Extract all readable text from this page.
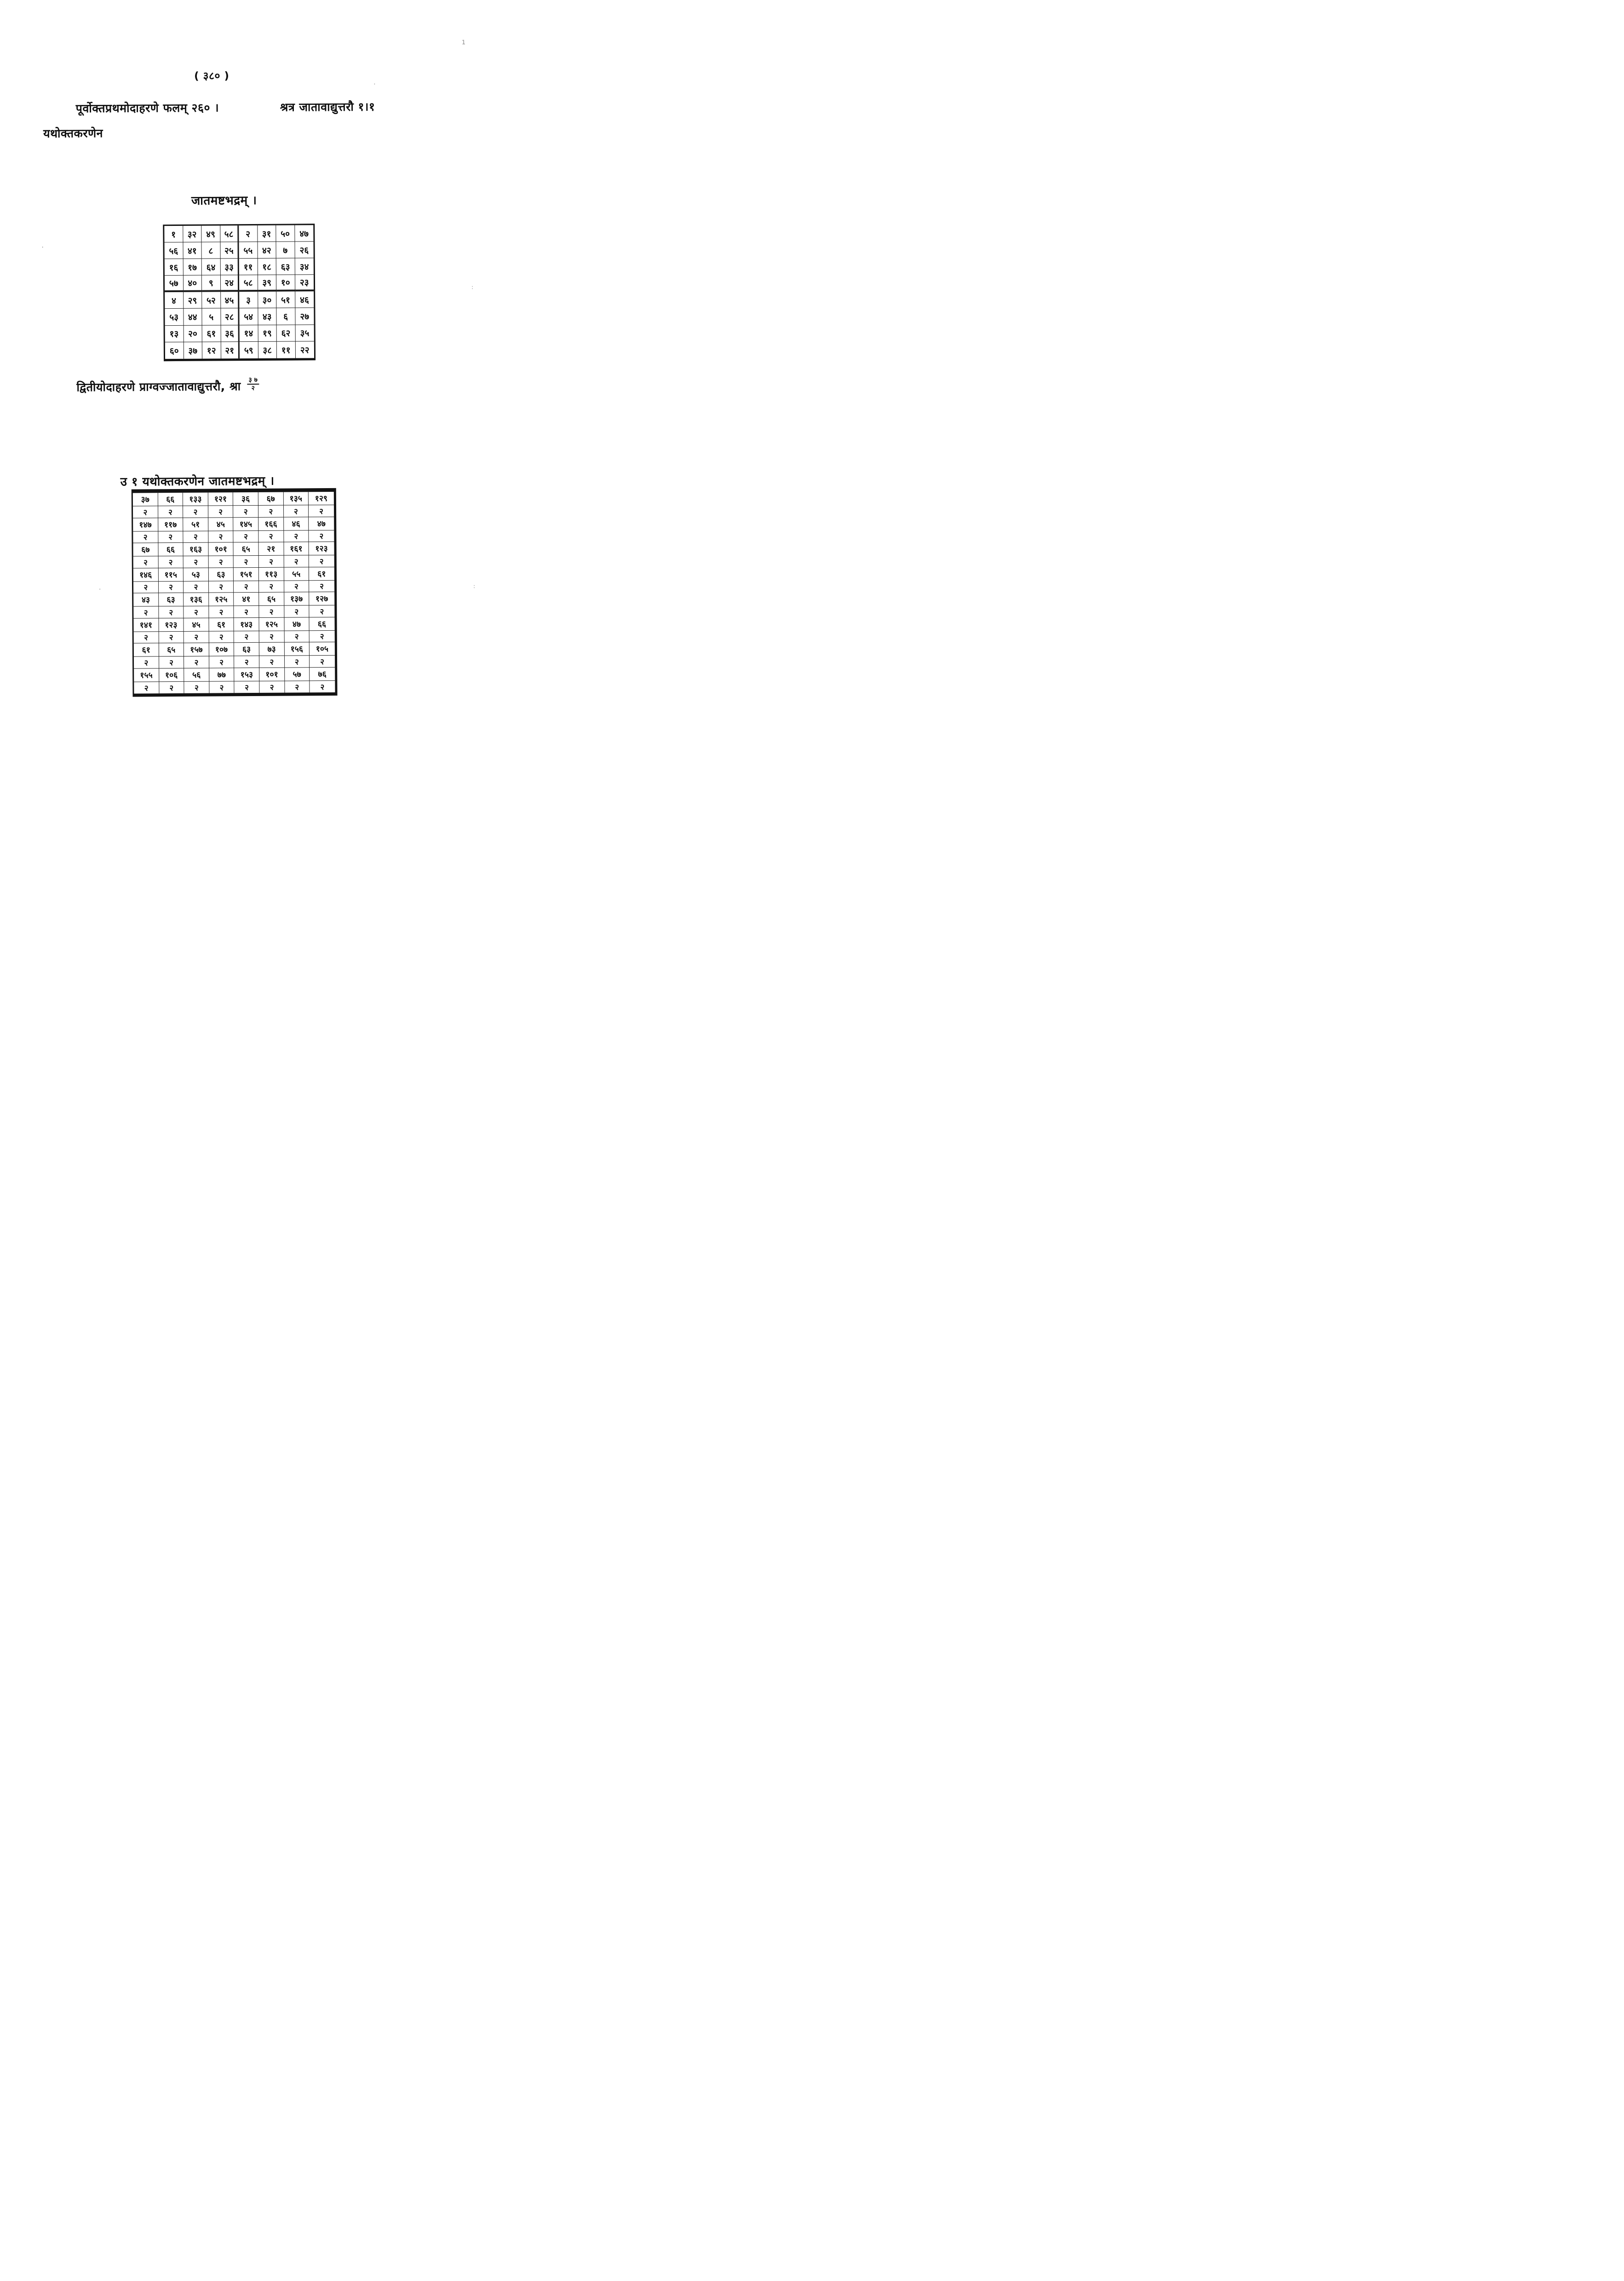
( ३८० )
पूर्वोक्तप्रथमोदाहरणे फलम् २६० ।	श्रत्र जातावाद्युत्तरौ १।१
यथोक्तकरणेन
जातमष्टभद्रम् ।
१	३२	४९	५८	२	३१	५०	४७
५६	४१	८	२५	५५	४२	७	२६
१६	१७	६४	३३	११	१८	६३	३४
५७	४०	९	२४	५८	३९	१०	२३
४	२९	५२	४५	३	३०	५१	४६
५३	४४	५	२८	५४	४३	६	२७
१३	२०	६१	३६	१४	१९	६२	३५
६०	३७	१२	२१	५९	३८	११	२२
द्वितीयोदाहरणे प्राग्वज्जातावाद्युत्तरौ, श्रा $\frac{३ ७}{२}$
उ १ यथोक्तकरणेन जातमष्टभद्रम् ।
३७	६६	१३३	१२१	३६	६७	१३५	१२९
२	२	२	२	२	२	२	२
१४७	११७	५१	४५	१४५	१६६	४६	४७
२	२	२	२	२	२	२	२
६७	६६	१६३	१०१	६५	२१	१६१	१२३
२	२	२	२	२	२	२	२
१४६	११५	५३	६३	१५१	११३	५५	६१
२	२	२	२	२	२	२	२
४३	६३	१३६	१२५	४१	६५	१३७	१२७
२	२	२	२	२	२	२	२
१४१	१२३	४५	६१	१४३	१२५	४७	६६
२	२	२	२	२	२	२	२
६१	६५	१५७	१०७	६३	७३	१५६	१०५
२	२	२	२	२	२	२	२
१५५	१०६	५६	७७	१५३	१०१	५७	७६
२	२	२	२	२	२	२	२
1
·
.
:
:
·
